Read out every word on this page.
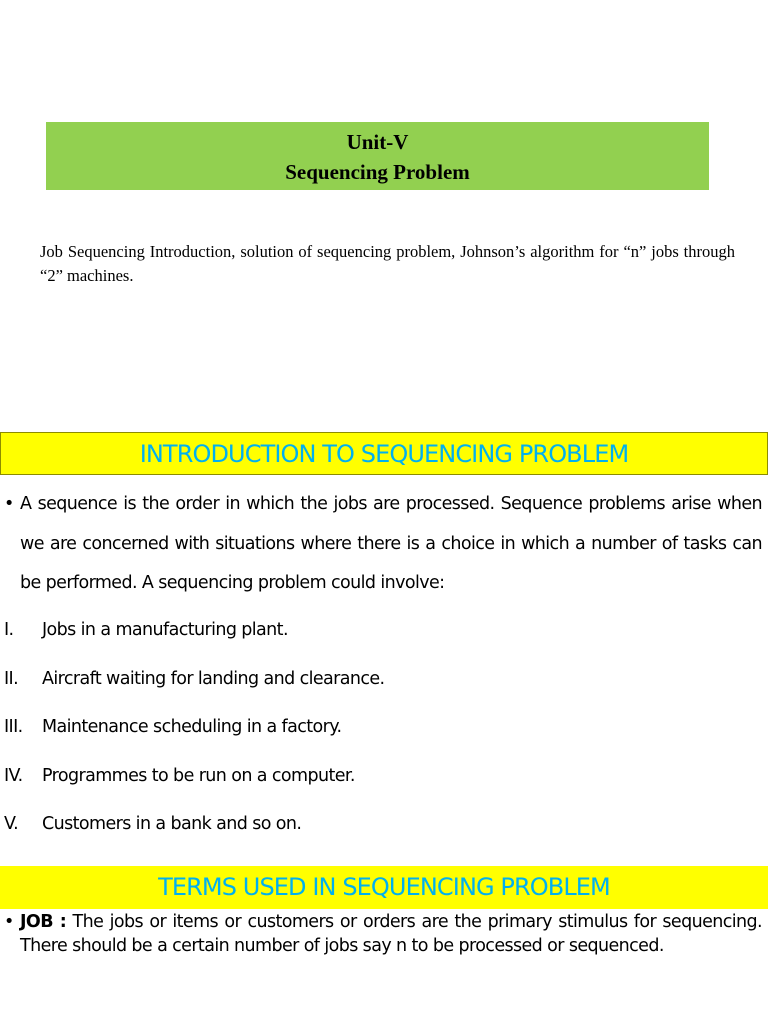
Unit-V
Sequencing Problem

Job Sequencing Introduction, solution of sequencing problem, Johnson’s algorithm for “n” jobs through “2” machines.

INTRODUCTION TO SEQUENCING PROBLEM
• A sequence is the order in which the jobs are processed. Sequence problems arise when we are concerned with situations where there is a choice in which a number of tasks can be performed. A sequencing problem could involve:
I.	Jobs in a manufacturing plant.
II.	Aircraft waiting for landing and clearance.
III.	Maintenance scheduling in a factory.
IV.	Programmes to be run on a computer.
V.	Customers in a bank and so on.
TERMS USED IN SEQUENCING PROBLEM
• JOB : The jobs or items or customers or orders are the primary stimulus for sequencing. There should be a certain number of jobs say n to be processed or sequenced.
